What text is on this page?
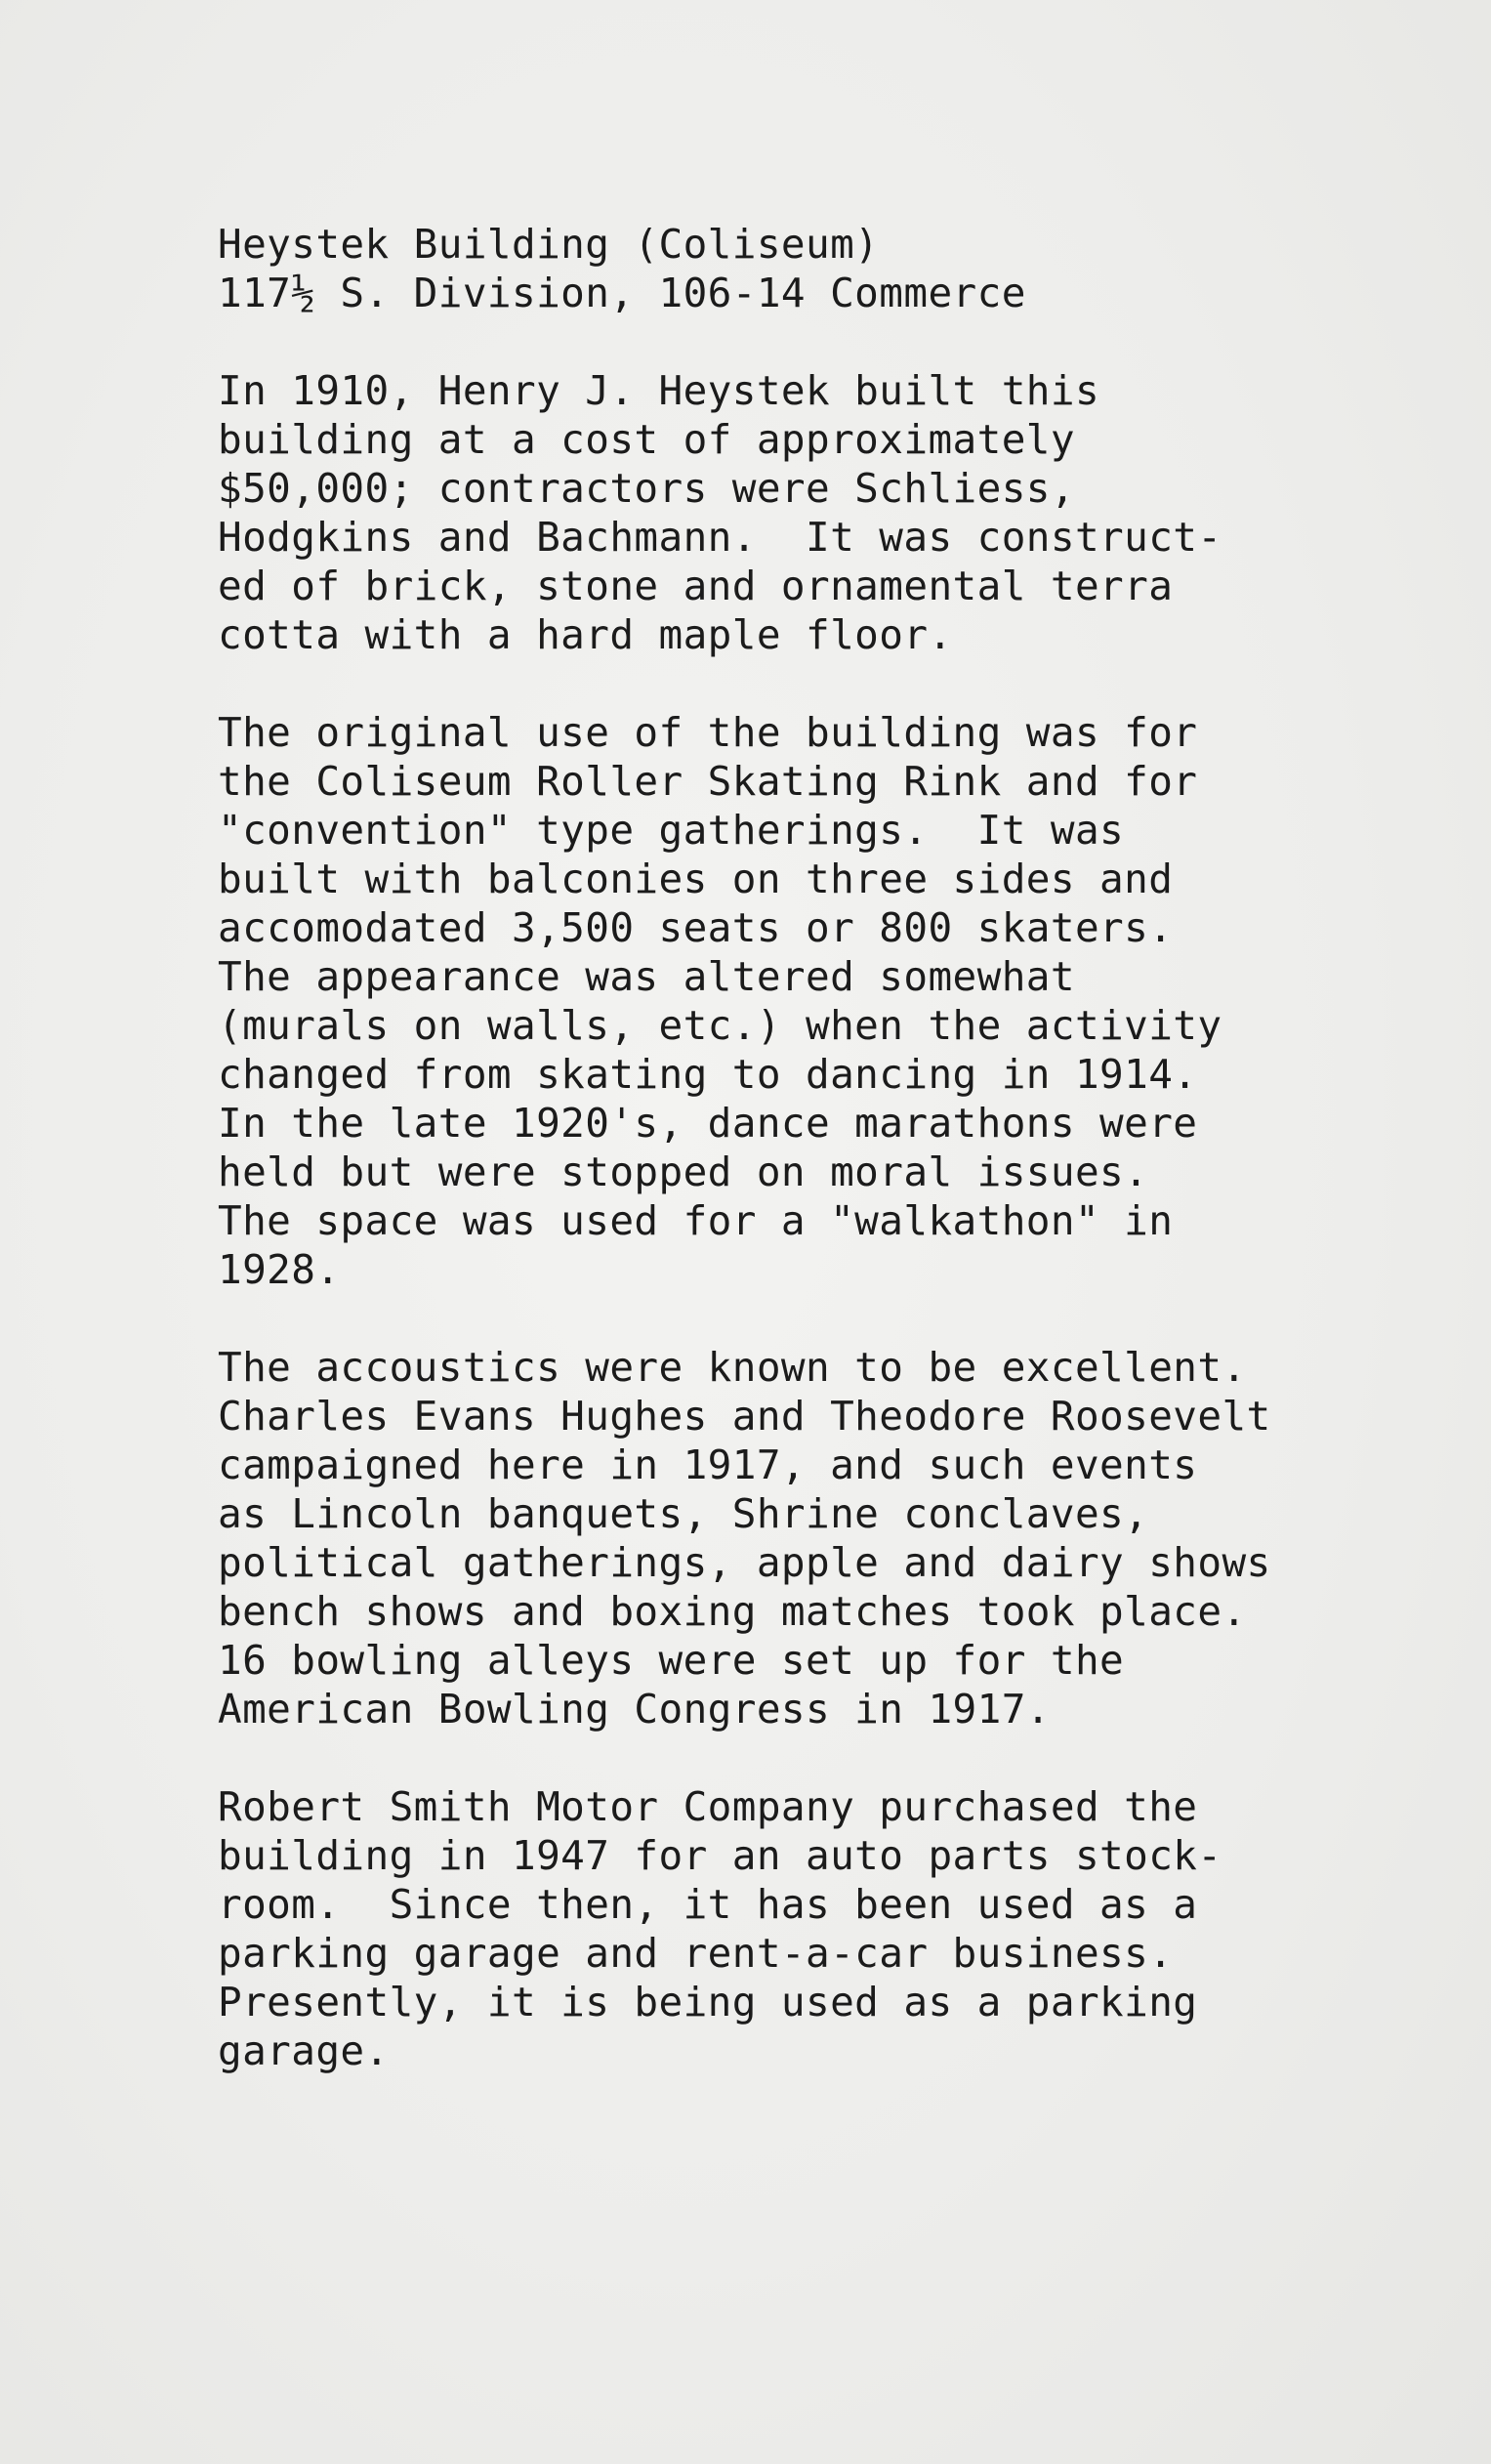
Heystek Building (Coliseum)
117½ S. Division, 106-14 Commerce
In 1910, Henry J. Heystek built this
building at a cost of approximately
$50,000; contractors were Schliess,
Hodgkins and Bachmann.  It was construct-
ed of brick, stone and ornamental terra
cotta with a hard maple floor.
The original use of the building was for
the Coliseum Roller Skating Rink and for
"convention" type gatherings.  It was
built with balconies on three sides and
accomodated 3,500 seats or 800 skaters.
The appearance was altered somewhat
(murals on walls, etc.) when the activity
changed from skating to dancing in 1914.
In the late 1920's, dance marathons were
held but were stopped on moral issues.
The space was used for a "walkathon" in
1928.
The accoustics were known to be excellent.
Charles Evans Hughes and Theodore Roosevelt
campaigned here in 1917, and such events
as Lincoln banquets, Shrine conclaves,
political gatherings, apple and dairy shows
bench shows and boxing matches took place.
16 bowling alleys were set up for the
American Bowling Congress in 1917.
Robert Smith Motor Company purchased the
building in 1947 for an auto parts stock-
room.  Since then, it has been used as a
parking garage and rent-a-car business.
Presently, it is being used as a parking
garage.
